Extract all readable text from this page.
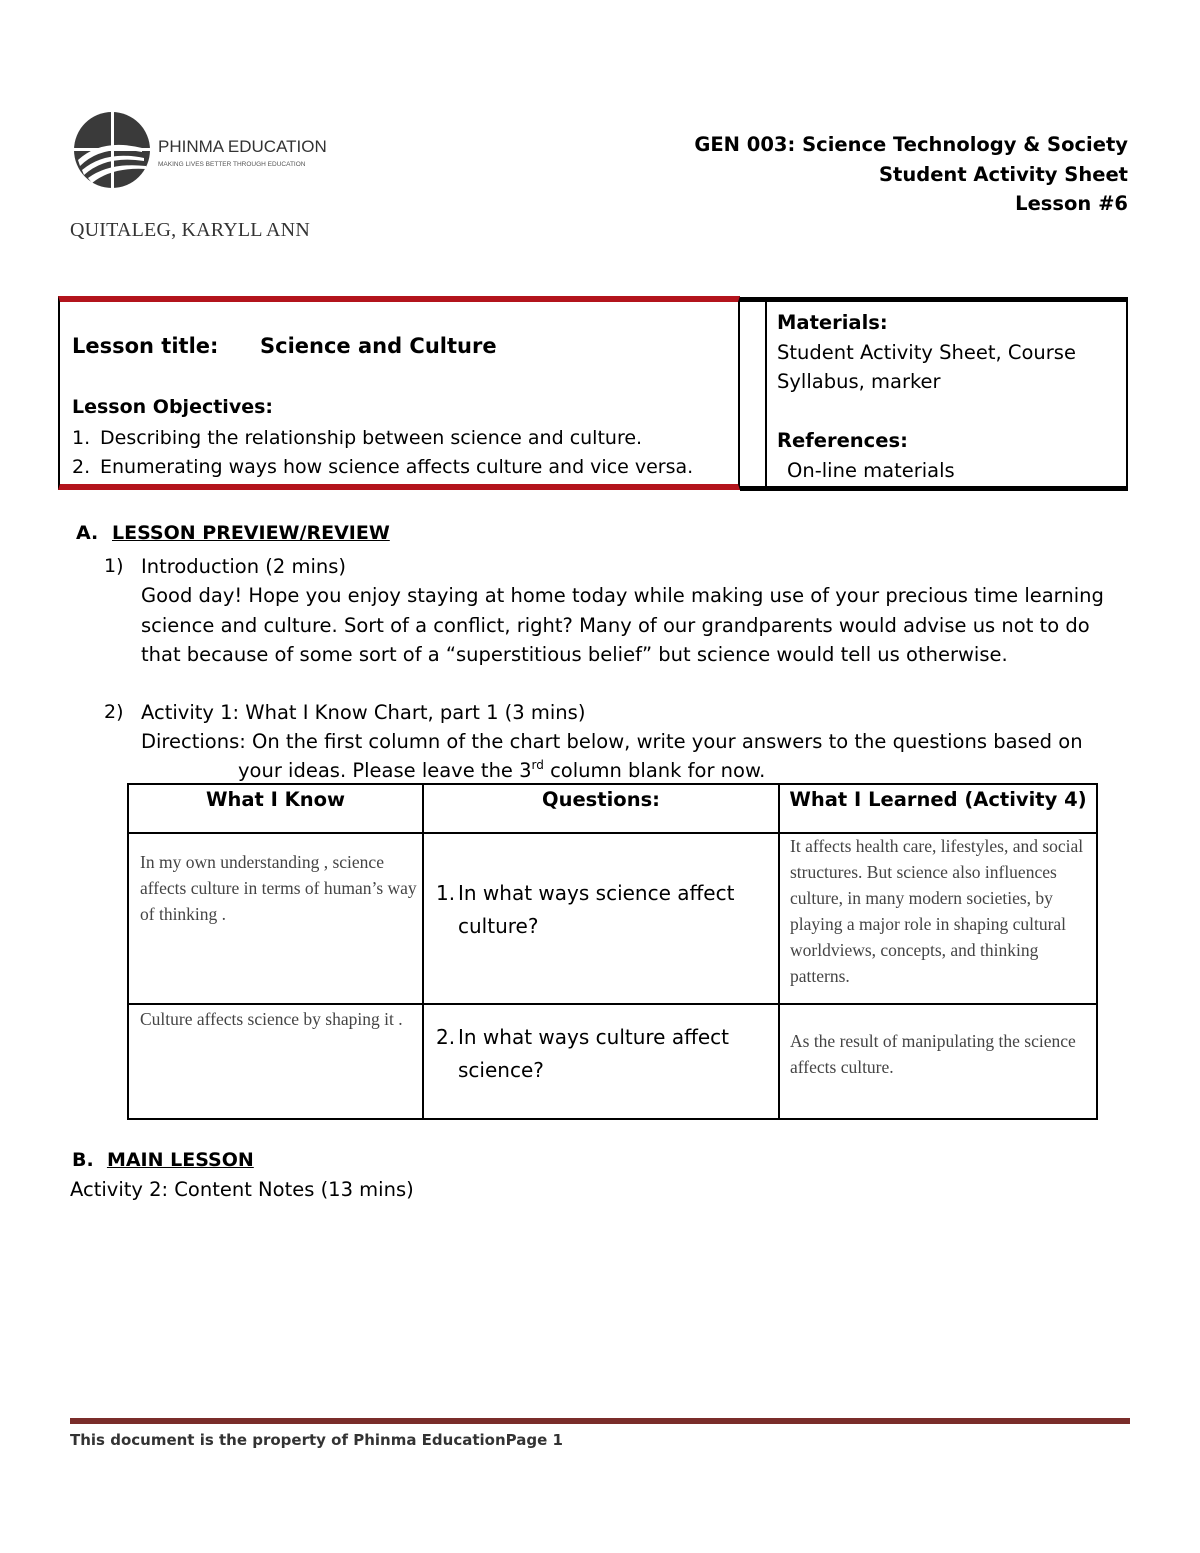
PHINMA EDUCATION
MAKING LIVES BETTER THROUGH EDUCATION
GEN 003: Science Technology & Society
Student Activity Sheet
Lesson #6
QUITALEG, KARYLL ANN
Lesson title: Science and Culture
Lesson Objectives:
1. Describing the relationship between science and culture.
2. Enumerating ways how science affects culture and vice versa.
Materials:
Student Activity Sheet, Course
Syllabus, marker
References:
On-line materials
A. LESSON PREVIEW/REVIEW
1) Introduction (2 mins)
Good day! Hope you enjoy staying at home today while making use of your precious time learning science and culture. Sort of a conflict, right? Many of our grandparents would advise us not to do that because of some sort of a “superstitious belief” but science would tell us otherwise.
2) Activity 1: What I Know Chart, part 1 (3 mins)
Directions: On the first column of the chart below, write your answers to the questions based on
your ideas. Please leave the 3rd column blank for now.
What I Know	Questions:	What I Learned (Activity 4)
In my own understanding , science affects culture in terms of human’s way of thinking .
1. In what ways science affect culture?
It affects health care, lifestyles, and social structures. But science also influences culture, in many modern societies, by playing a major role in shaping cultural worldviews, concepts, and thinking patterns.
Culture affects science by shaping it .
2. In what ways culture affect science?
As the result of manipulating the science affects culture.
B. MAIN LESSON
Activity 2: Content Notes (13 mins)
This document is the property of Phinma EducationPage 1
